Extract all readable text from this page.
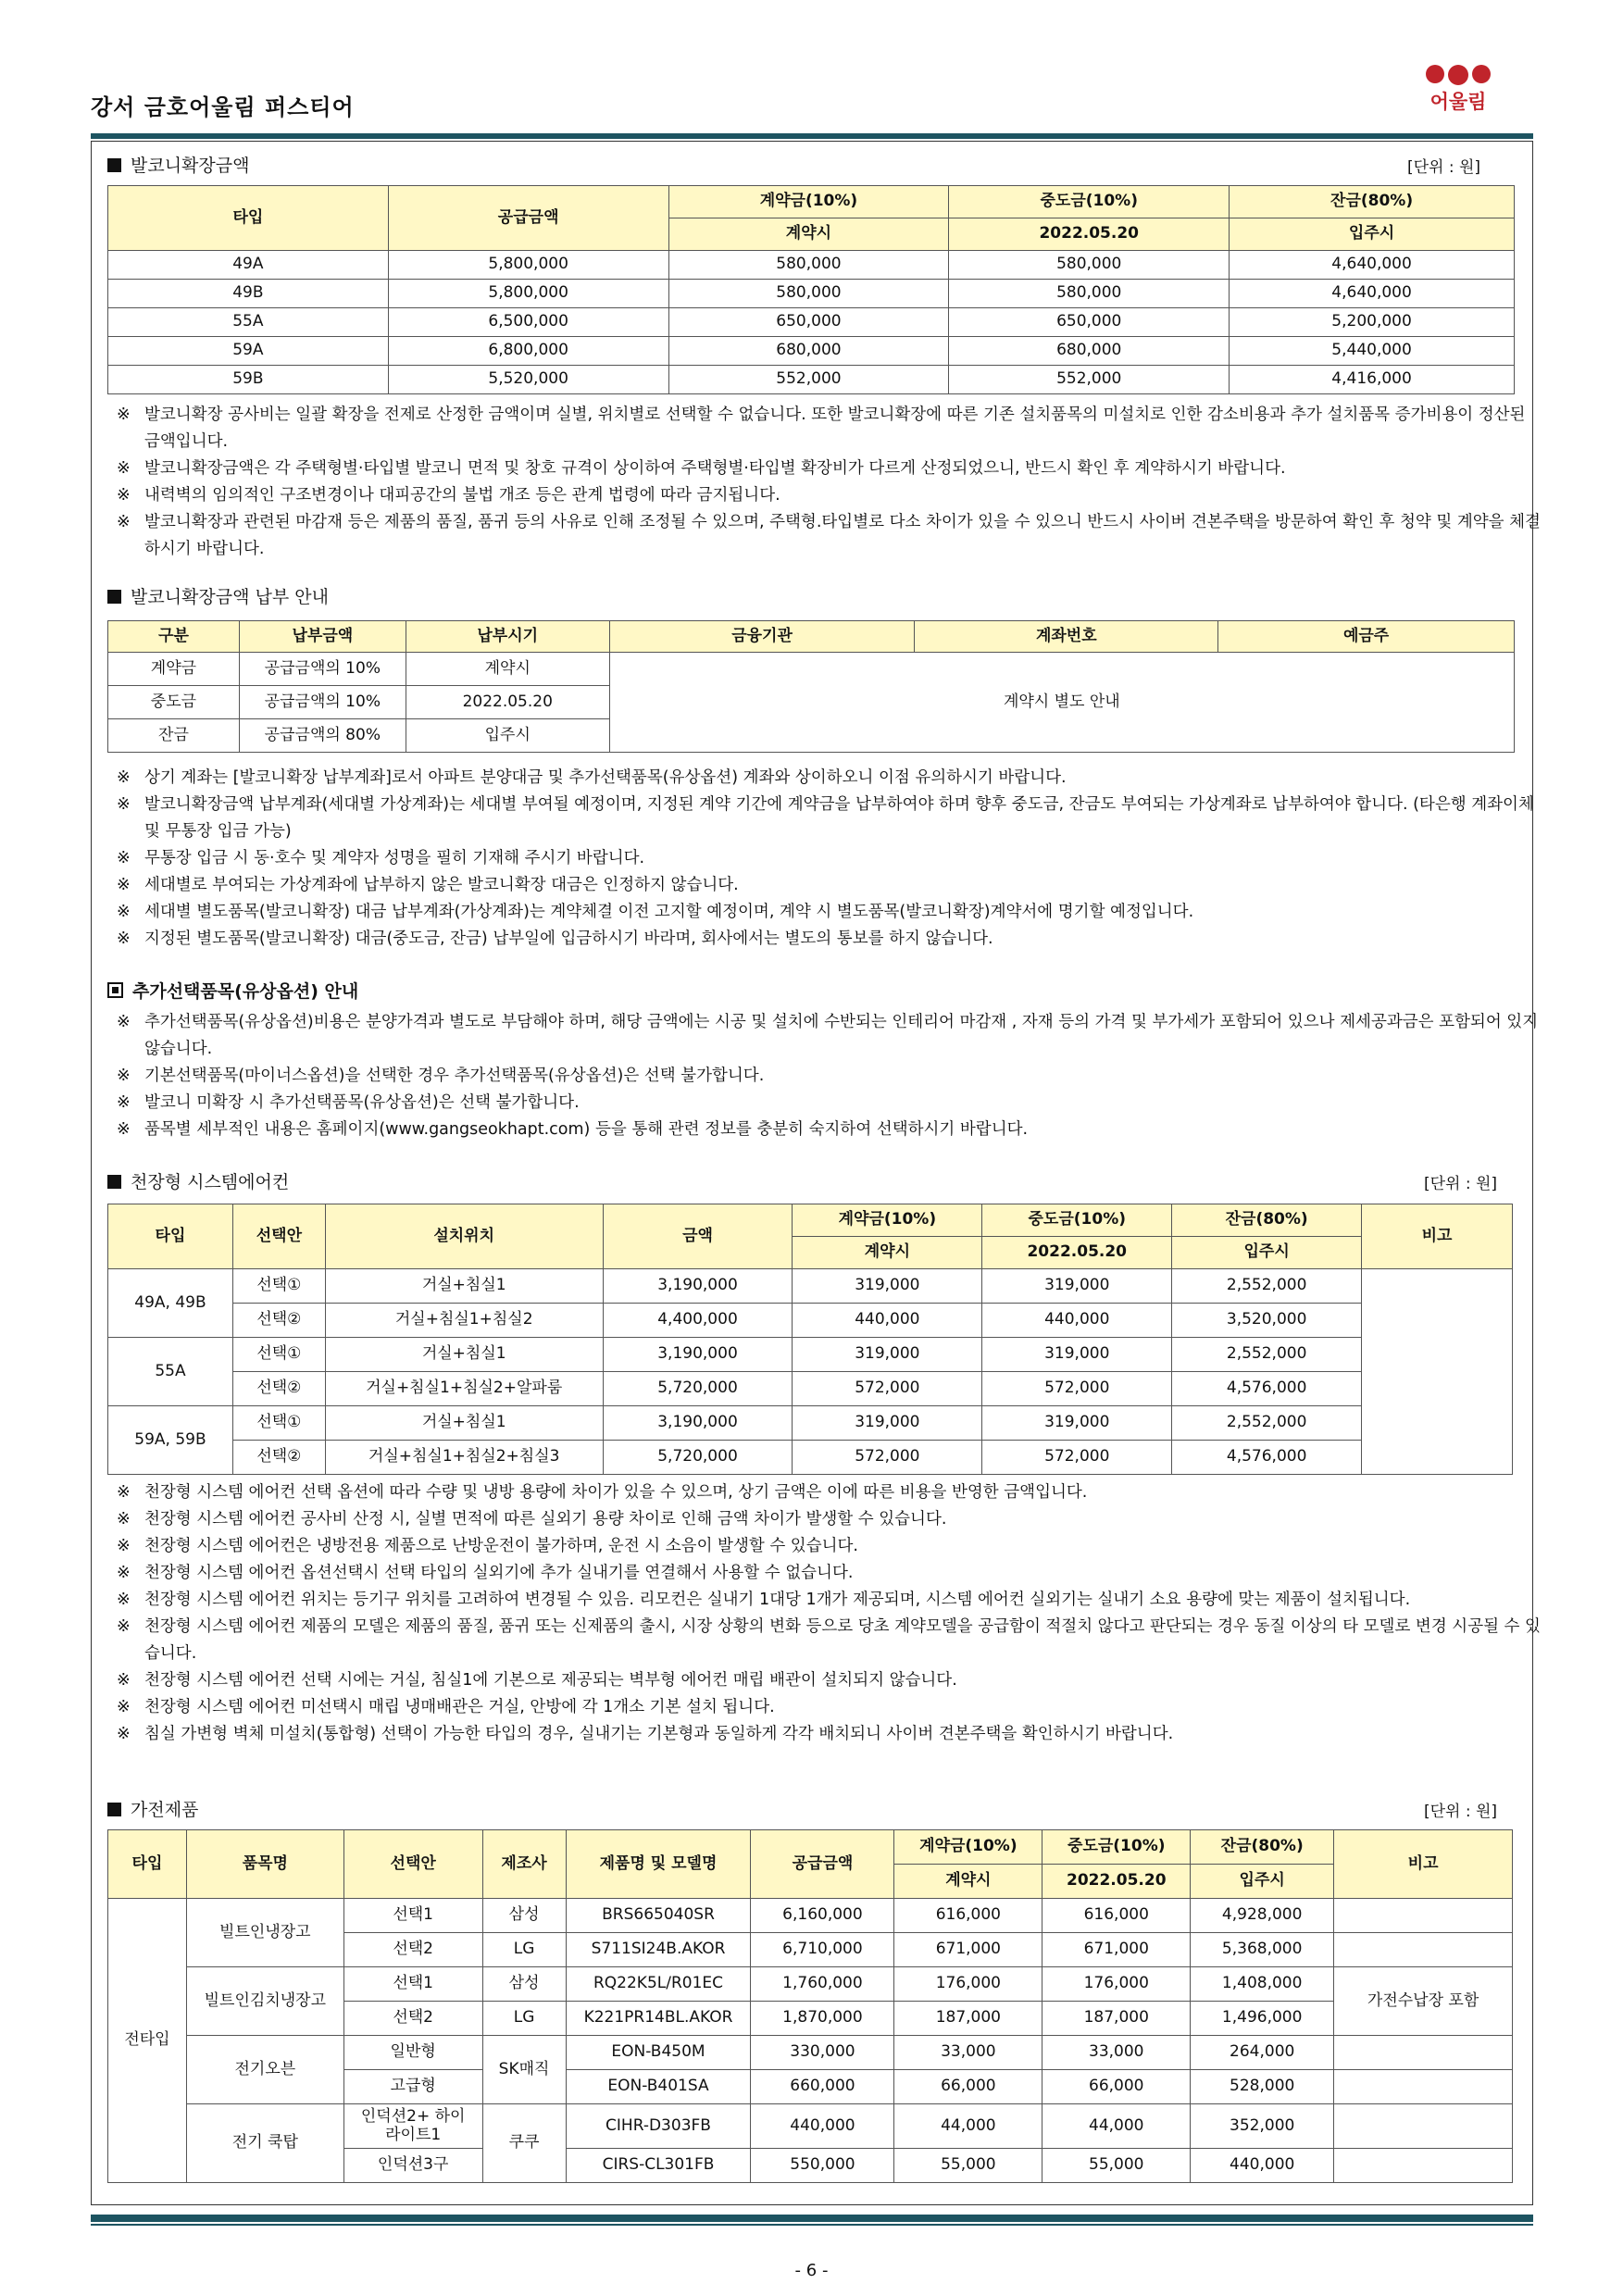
강서 금호어울림 퍼스티어	어울림
발코니확장금액	[단위 : 원]
타입	공급금액	계약금(10%)	중도금(10%)	잔금(80%)
		계약시	2022.05.20	입주시
49A	5,800,000	580,000	580,000	4,640,000
49B	5,800,000	580,000	580,000	4,640,000
55A	6,500,000	650,000	650,000	5,200,000
59A	6,800,000	680,000	680,000	5,440,000
59B	5,520,000	552,000	552,000	4,416,000
※ 발코니확장 공사비는 일괄 확장을 전제로 산정한 금액이며 실별, 위치별로 선택할 수 없습니다. 또한 발코니확장에 따른 기존 설치품목의 미설치로 인한 감소비용과 추가 설치품목 증가비용이 정산된 금액입니다.
※ 발코니확장금액은 각 주택형별·타입별 발코니 면적 및 창호 규격이 상이하여 주택형별·타입별 확장비가 다르게 산정되었으니, 반드시 확인 후 계약하시기 바랍니다.
※ 내력벽의 임의적인 구조변경이나 대피공간의 불법 개조 등은 관계 법령에 따라 금지됩니다.
※ 발코니확장과 관련된 마감재 등은 제품의 품질, 품귀 등의 사유로 인해 조정될 수 있으며, 주택형.타입별로 다소 차이가 있을 수 있으니 반드시 사이버 견본주택을 방문하여 확인 후 청약 및 계약을 체결하시기 바랍니다.
발코니확장금액 납부 안내
구분	납부금액	납부시기	금융기관	계좌번호	예금주
계약금	공급금액의 10%	계약시	계약시 별도 안내		
중도금	공급금액의 10%	2022.05.20			
잔금	공급금액의 80%	입주시			
※ 상기 계좌는 [발코니확장 납부계좌]로서 아파트 분양대금 및 추가선택품목(유상옵션) 계좌와 상이하오니 이점 유의하시기 바랍니다.
※ 발코니확장금액 납부계좌(세대별 가상계좌)는 세대별 부여될 예정이며, 지정된 계약 기간에 계약금을 납부하여야 하며 향후 중도금, 잔금도 부여되는 가상계좌로 납부하여야 합니다. (타은행 계좌이체 및 무통장 입금 가능)
※ 무통장 입금 시 동·호수 및 계약자 성명을 필히 기재해 주시기 바랍니다.
※ 세대별로 부여되는 가상계좌에 납부하지 않은 발코니확장 대금은 인정하지 않습니다.
※ 세대별 별도품목(발코니확장) 대금 납부계좌(가상계좌)는 계약체결 이전 고지할 예정이며, 계약 시 별도품목(발코니확장)계약서에 명기할 예정입니다.
※ 지정된 별도품목(발코니확장) 대금(중도금, 잔금) 납부일에 입금하시기 바라며, 회사에서는 별도의 통보를 하지 않습니다.
추가선택품목(유상옵션) 안내
※ 추가선택품목(유상옵션)비용은 분양가격과 별도로 부담해야 하며, 해당 금액에는 시공 및 설치에 수반되는 인테리어 마감재 , 자재 등의 가격 및 부가세가 포함되어 있으나 제세공과금은 포함되어 있지 않습니다.
※ 기본선택품목(마이너스옵션)을 선택한 경우 추가선택품목(유상옵션)은 선택 불가합니다.
※ 발코니 미확장 시 추가선택품목(유상옵션)은 선택 불가합니다.
※ 품목별 세부적인 내용은 홈페이지(www.gangseokhapt.com) 등을 통해 관련 정보를 충분히 숙지하여 선택하시기 바랍니다.
천장형 시스템에어컨	[단위 : 원]
타입	선택안	설치위치	금액	계약금(10%)	중도금(10%)	잔금(80%)	비고
				계약시	2022.05.20	입주시	
49A, 49B	선택①	거실+침실1	3,190,000	319,000	319,000	2,552,000	
	선택②	거실+침실1+침실2	4,400,000	440,000	440,000	3,520,000	
55A	선택①	거실+침실1	3,190,000	319,000	319,000	2,552,000	
	선택②	거실+침실1+침실2+알파룸	5,720,000	572,000	572,000	4,576,000	
59A, 59B	선택①	거실+침실1	3,190,000	319,000	319,000	2,552,000	
	선택②	거실+침실1+침실2+침실3	5,720,000	572,000	572,000	4,576,000	
※ 천장형 시스템 에어컨 선택 옵션에 따라 수량 및 냉방 용량에 차이가 있을 수 있으며, 상기 금액은 이에 따른 비용을 반영한 금액입니다.
※ 천장형 시스템 에어컨 공사비 산정 시, 실별 면적에 따른 실외기 용량 차이로 인해 금액 차이가 발생할 수 있습니다.
※ 천장형 시스템 에어컨은 냉방전용 제품으로 난방운전이 불가하며, 운전 시 소음이 발생할 수 있습니다.
※ 천장형 시스템 에어컨 옵션선택시 선택 타입의 실외기에 추가 실내기를 연결해서 사용할 수 없습니다.
※ 천장형 시스템 에어컨 위치는 등기구 위치를 고려하여 변경될 수 있음. 리모컨은 실내기 1대당 1개가 제공되며, 시스템 에어컨 실외기는 실내기 소요 용량에 맞는 제품이 설치됩니다.
※ 천장형 시스템 에어컨 제품의 모델은 제품의 품질, 품귀 또는 신제품의 출시, 시장 상황의 변화 등으로 당초 계약모델을 공급함이 적절치 않다고 판단되는 경우 동질 이상의 타 모델로 변경 시공될 수 있습니다.
※ 천장형 시스템 에어컨 선택 시에는 거실, 침실1에 기본으로 제공되는 벽부형 에어컨 매립 배관이 설치되지 않습니다.
※ 천장형 시스템 에어컨 미선택시 매립 냉매배관은 거실, 안방에 각 1개소 기본 설치 됩니다.
※ 침실 가변형 벽체 미설치(통합형) 선택이 가능한 타입의 경우, 실내기는 기본형과 동일하게 각각 배치되니 사이버 견본주택을 확인하시기 바랍니다.
가전제품	[단위 : 원]
타입	품목명	선택안	제조사	제품명 및 모델명	공급금액	계약금(10%)	중도금(10%)	잔금(80%)	비고
						계약시	2022.05.20	입주시	
전타입	빌트인냉장고	선택1	삼성	BRS665040SR	6,160,000	616,000	616,000	4,928,000	
		선택2	LG	S711SI24B.AKOR	6,710,000	671,000	671,000	5,368,000	
	빌트인김치냉장고	선택1	삼성	RQ22K5L/R01EC	1,760,000	176,000	176,000	1,408,000	가전수납장 포함
		선택2	LG	K221PR14BL.AKOR	1,870,000	187,000	187,000	1,496,000	
	전기오븐	일반형	SK매직	EON-B450M	330,000	33,000	33,000	264,000	
		고급형		EON-B401SA	660,000	66,000	66,000	528,000	
	전기 쿡탑	인덕션2+ 하이라이트1	쿠쿠	CIHR-D303FB	440,000	44,000	44,000	352,000	
		인덕션3구		CIRS-CL301FB	550,000	55,000	55,000	440,000	
- 6 -
